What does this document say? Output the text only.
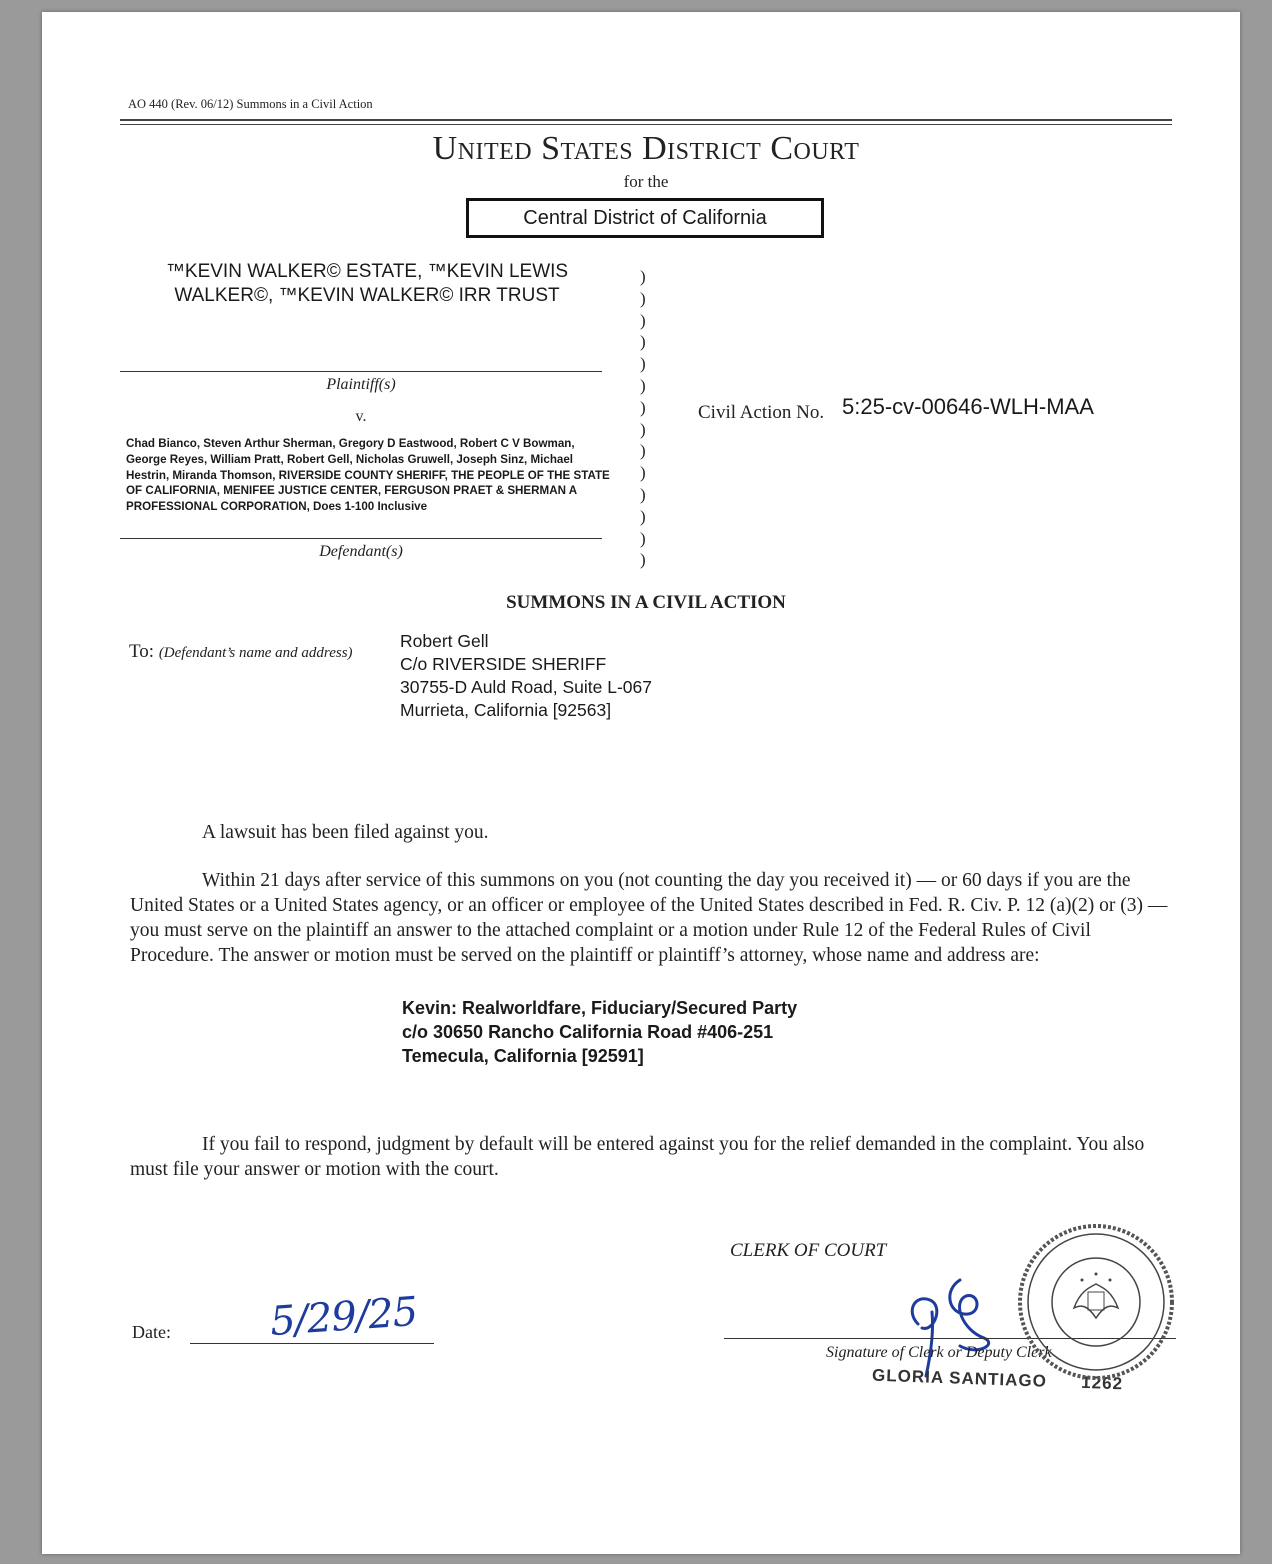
AO 440 (Rev. 06/12) Summons in a Civil Action
United States District Court
for the
Central District of California
™KEVIN WALKER© ESTATE, ™KEVIN LEWIS WALKER©, ™KEVIN WALKER© IRR TRUST
Plaintiff(s)
v.
Chad Bianco, Steven Arthur Sherman, Gregory D Eastwood, Robert C V Bowman, George Reyes, William Pratt, Robert Gell, Nicholas Gruwell, Joseph Sinz, Michael Hestrin, Miranda Thomson, RIVERSIDE COUNTY SHERIFF, THE PEOPLE OF THE STATE OF CALIFORNIA, MENIFEE JUSTICE CENTER, FERGUSON PRAET & SHERMAN A PROFESSIONAL CORPORATION, Does 1-100 Inclusive
Defendant(s)
)
)
)
)
)
)
)
)
)
)
)
)
)
)
Civil Action No. 5:25-cv-00646-WLH-MAA
SUMMONS IN A CIVIL ACTION
To: (Defendant’s name and address)
Robert Gell
C/o RIVERSIDE SHERIFF
30755-D Auld Road, Suite L-067
Murrieta, California [92563]
A lawsuit has been filed against you.
Within 21 days after service of this summons on you (not counting the day you received it) — or 60 days if you are the United States or a United States agency, or an officer or employee of the United States described in Fed. R. Civ. P. 12 (a)(2) or (3) — you must serve on the plaintiff an answer to the attached complaint or a motion under Rule 12 of the Federal Rules of Civil Procedure. The answer or motion must be served on the plaintiff or plaintiff’s attorney, whose name and address are:
Kevin: Realworldfare, Fiduciary/Secured Party
c/o 30650 Rancho California Road #406-251
Temecula, California [92591]
If you fail to respond, judgment by default will be entered against you for the relief demanded in the complaint. You also must file your answer or motion with the court.
CLERK OF COURT
Date: 5/29/25
Signature of Clerk or Deputy Clerk
GLORIA SANTIAGO 1262
